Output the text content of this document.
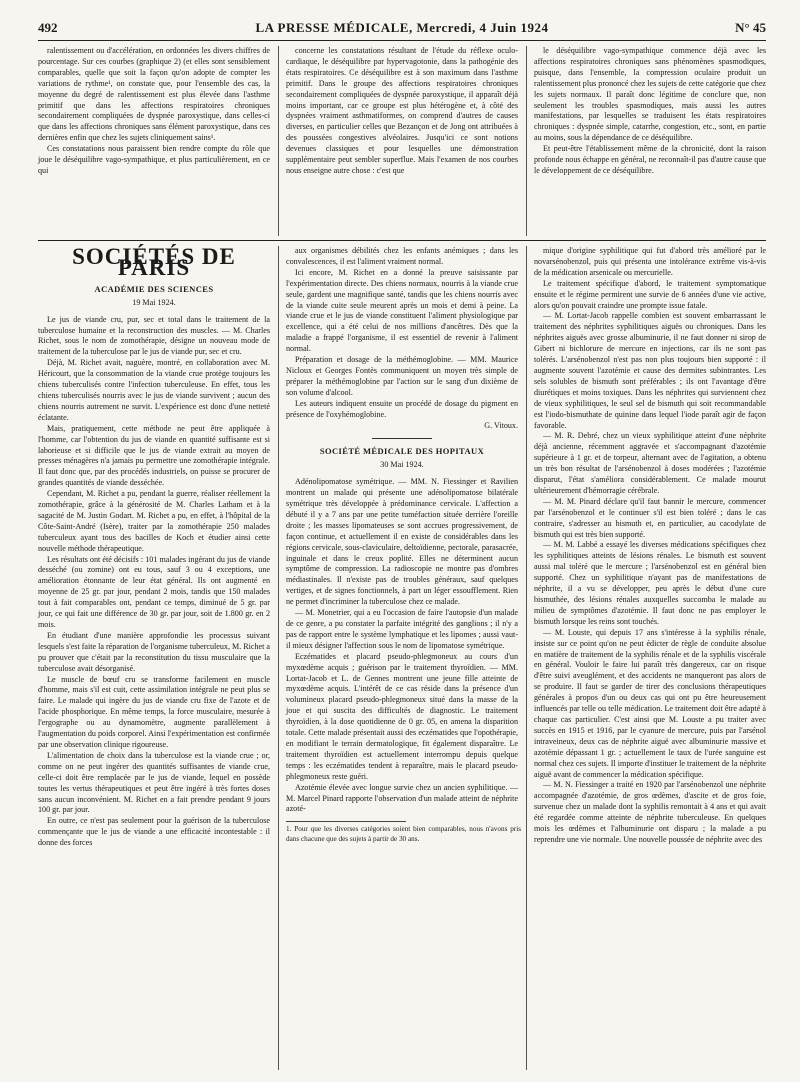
492	LA PRESSE MÉDICALE, Mercredi, 4 Juin 1924	N° 45

ralentissement ou d'accélération, en ordonnées les divers chiffres de pourcentage. Sur ces courbes (graphique 2) (et elles sont sensiblement comparables, quelle que soit la façon qu'on adopte de compter les variations de rythme¹, on constate que, pour l'ensemble des cas, la moyenne du degré de ralentissement est plus élevée dans l'asthme primitif que dans les affections respiratoires chroniques secondairement compliquées de dyspnée paroxystique, dans celles-ci que dans les affections chroniques sans élément paroxystique, dans ces dernières enfin que chez les sujets cliniquement sains¹.

Ces constatations nous paraissent bien rendre compte du rôle que joue le déséquilibre vago-sympathique, et plus particulièrement, en ce qui

concerne les constatations résultant de l'étude du réflexe oculo-cardiaque, le déséquilibre par hypervagotonie, dans la pathogénie des états respiratoires. Ce déséquilibre est à son maximum dans l'asthme primitif. Dans le groupe des affections respiratoires chroniques secondairement compliquées de dyspnée paroxystique, il apparaît déjà moins important, car ce groupe est plus hétérogène et, à côté des dyspnées vraiment asthmatiformes, on comprend d'autres de causes diverses, en particulier celles que Bezançon et de Jong ont attribuées à des poussées congestives alvéolaires. Jusqu'ici ce sont notions devenues classiques et pour lesquelles une démonstration supplémentaire peut sembler superflue. Mais l'examen de nos courbes nous enseigne autre chose : c'est que

le déséquilibre vago-sympathique commence déjà avec les affections respiratoires chroniques sans phénomènes spasmodiques, puisque, dans l'ensemble, la compression oculaire produit un ralentissement plus prononcé chez les sujets de cette catégorie que chez les sujets normaux. Il paraît donc légitime de conclure que, non seulement les troubles spasmodiques, mais aussi les autres manifestations, par lesquelles se traduisent les états respiratoires chroniques : dyspnée simple, catarrhe, congestion, etc., sont, en partie au moins, sous la dépendance de ce déséquilibre.

Et peut-être l'établissement même de la chronicité, dont la raison profonde nous échappe en général, ne reconnaît-il pas d'autre cause que le développement de ce déséquilibre.

SOCIÉTÉS DE PARIS
ACADÉMIE DES SCIENCES
19 Mai 1924.

Le jus de viande cru, pur, sec et total dans le traitement de la tuberculose humaine et la reconstruction des muscles. — M. Charles Richet, sous le nom de zomothérapie, désigne un nouveau mode de traitement de la tuberculose par le jus de viande pur, sec et cru.

Déjà, M. Richet avait, naguère, montré, en collaboration avec M. Héricourt, que la consommation de la viande crue protège toujours les chiens tuberculisés contre l'infection tuberculeuse. En effet, tous les chiens tuberculisés nourris avec le jus de viande survivent ; aucun des chiens nourris autrement ne survit. L'expérience est donc d'une netteté éclatante.

Mais, pratiquement, cette méthode ne peut être appliquée à l'homme, car l'obtention du jus de viande en quantité suffisante est si laborieuse et si difficile que le jus de viande extrait au moyen de presses ménagères n'a jamais pu permettre une zomothérapie intégrale. Il faut donc que, par des procédés industriels, on puisse se procurer de grandes quantités de viande desséchée.

Cependant, M. Richet a pu, pendant la guerre, réaliser réellement la zomothérapie, grâce à la générosité de M. Charles Latham et à la sagacité de M. Justin Godart. M. Richet a pu, en effet, à l'hôpital de la Côte-Saint-André (Isère), traiter par la zomothérapie 250 malades tuberculeux ayant tous des bacilles de Koch et étudier ainsi cette nouvelle méthode thérapeutique.

Les résultats ont été décisifs : 101 malades ingérant du jus de viande desséché (ou zomine) ont eu tous, sauf 3 ou 4 exceptions, une amélioration étonnante de leur état général. Ils ont augmenté en moyenne de 25 gr. par jour, pendant 2 mois, tandis que 150 malades tout à fait comparables ont, pendant ce temps, diminué de 5 gr. par jour, ce qui fait une différence de 30 gr. par jour, soit de 1.800 gr. en 2 mois.

En étudiant d'une manière approfondie les processus suivant lesquels s'est faite la réparation de l'organisme tuberculeux, M. Richet a pu prouver que c'était par la reconstitution du tissu musculaire que la tuberculose avait désorganisé.

Le muscle de bœuf cru se transforme facilement en muscle d'homme, mais s'il est cuit, cette assimilation intégrale ne peut plus se faire. Le malade qui ingère du jus de viande cru fixe de l'azote et de l'acide phosphorique. En même temps, la force musculaire, mesurée à l'ergographe ou au dynamomètre, augmente parallèlement à l'augmentation du poids corporel. Ainsi l'expérimentation est confirmée par une observation clinique rigoureuse.

L'alimentation de choix dans la tuberculose est la viande crue ; or, comme on ne peut ingérer des quantités suffisantes de viande crue, celle-ci doit être remplacée par le jus de viande, lequel en possède toutes les vertus thérapeutiques et peut être ingéré à très fortes doses sans aucun inconvénient. M. Richet en a fait prendre pendant 9 jours 100 gr. par jour.

En outre, ce n'est pas seulement pour la guérison de la tuberculose commençante que le jus de viande a une efficacité incontestable : il donne des forces

aux organismes débilités chez les enfants anémiques ; dans les convalescences, il est l'aliment vraiment normal.

Ici encore, M. Richet en a donné la preuve saisissante par l'expérimentation directe. Des chiens normaux, nourris à la viande crue seule, gardent une magnifique santé, tandis que les chiens nourris avec de la viande cuite seule meurent après un mois et demi à peine. La viande crue et le jus de viande constituent l'aliment physiologique par excellence, qui a été celui de nos millions d'ancêtres. Dès que la maladie a frappé l'organisme, il est essentiel de revenir à l'aliment normal.

Préparation et dosage de la méthémoglobine. — MM. Maurice Nicloux et Georges Fontès communiquent un moyen très simple de préparer la méthémoglobine par l'action sur le sang d'un dixième de son volume d'alcool.

Les auteurs indiquent ensuite un procédé de dosage du pigment en présence de l'oxyhémoglobine.

G. Vitoux.

SOCIÉTÉ MÉDICALE DES HOPITAUX
30 Mai 1924.

Adénolipomatose symétrique. — MM. N. Fiessinger et Ravilien montrent un malade qui présente une adénolipomatose bilatérale symétrique très développée à prédominance cervicale. L'affection a débuté il y a 7 ans par une petite tuméfaction située derrière l'oreille droite ; les masses lipomateuses se sont accrues progressivement, de façon continue, et actuellement il en existe de considérables dans les régions cervicale, sous-claviculaire, deltoïdienne, pectorale, parasacrée, inguinale et dans le creux poplité. Elles ne déterminent aucun symptôme de compression. La radioscopie ne montre pas d'ombres médiastinales. Il n'existe pas de troubles généraux, sauf quelques vertiges, et de signes fonctionnels, à part un léger essoufflement. Rien ne permet d'incriminer la tuberculose chez ce malade.

— M. Monetrier, qui a eu l'occasion de faire l'autopsie d'un malade de ce genre, a pu constater la parfaite intégrité des ganglions ; il n'y a pas de rapport entre le système lymphatique et les lipomes ; aussi vaut-il mieux désigner l'affection sous le nom de lipomatose symétrique.

Eczématides et placard pseudo-phlegmoneux au cours d'un myxœdème acquis ; guérison par le traitement thyroïdien. — MM. Lortat-Jacob et L. de Gennes montrent une jeune fille atteinte de myxœdème acquis. L'intérêt de ce cas réside dans la présence d'un volumineux placard pseudo-phlegmoneux situé dans la masse de la joue et qui suscita des difficultés de diagnostic. Le traitement thyroïdien, à la dose quotidienne de 0 gr. 05, en amena la disparition totale. Cette malade présentait aussi des eczématides que l'opothérapie, en modifiant le terrain dermatologique, fit également disparaître. Le traitement thyroïdien est actuellement interrompu depuis quelque temps : les eczématides tendent à reparaître, mais le placard pseudo-phlegmoneux reste guéri.

Azotémie élevée avec longue survie chez un ancien syphilitique. — M. Marcel Pinard rapporte l'observation d'un malade atteint de néphrite azoté-

1. Pour que les diverses catégories soient bien comparables, nous n'avons pris dans chacune que des sujets à partir de 30 ans.

mique d'origine syphilitique qui fut d'abord très amélioré par le novarsénobenzol, puis qui présenta une intolérance extrême vis-à-vis de la médication arsenicale ou mercurielle.

Le traitement spécifique d'abord, le traitement symptomatique ensuite et le régime permirent une survie de 6 années d'une vie active, alors qu'on pouvait craindre une prompte issue fatale.

— M. Lortat-Jacob rappelle combien est souvent embarrassant le traitement des néphrites syphilitiques aiguës ou chroniques. Dans les néphrites aiguës avec grosse albuminurie, il ne faut donner ni sirop de Gibert ni bichlorure de mercure en injections, car ils ne sont pas tolérés. L'arsénobenzol n'est pas non plus toujours bien supporté : il augmente souvent l'azotémie et cause des dermites subintrantes. Les sels solubles de bismuth sont préférables ; ils ont l'avantage d'être diurétiques et moins toxiques. Dans les néphrites qui surviennent chez de vieux syphilitiques, le seul sel de bismuth qui soit recommandable est l'iodo-bismuthate de quinine dans lequel l'iode paraît agir de façon favorable.

— M. R. Debré, chez un vieux syphilitique atteint d'une néphrite déjà ancienne, récemment aggravée et s'accompagnant d'azotémie supérieure à 1 gr. et de torpeur, alternant avec de l'agitation, a obtenu un très bon résultat de l'arsénobenzol à doses modérées ; l'azotémie disparut, l'état s'améliora considérablement. Ce malade mourut ultérieurement d'hémorragie cérébrale.

— M. M. Pinard déclare qu'il faut bannir le mercure, commencer par l'arsénobenzol et le continuer s'il est bien toléré ; dans le cas contraire, s'adresser au bismuth et, en particulier, au cacodylate de bismuth qui est très bien supporté.

— M. M. Labbé a essayé les diverses médications spécifiques chez les syphilitiques atteints de lésions rénales. Le bismuth est souvent aussi mal toléré que le mercure ; l'arsénobenzol est en général bien supporté. Chez un syphilitique n'ayant pas de manifestations de néphrite, il a vu se développer, peu après le début d'une cure bismuthée, des lésions rénales auxquelles succomba le malade au milieu de symptômes d'azotémie. Il faut donc ne pas employer le bismuth lorsque les reins sont touchés.

— M. Louste, qui depuis 17 ans s'intéresse à la syphilis rénale, insiste sur ce point qu'on ne peut édicter de règle de conduite absolue en matière de traitement de la syphilis rénale et de la syphilis viscérale en général. Vouloir le faire lui paraît très dangereux, car on risque d'être suivi aveuglément, et des accidents ne manqueront pas alors de se produire. Il faut se garder de tirer des conclusions thérapeutiques générales à propos d'un ou deux cas qui ont pu être heureusement influencés par telle ou telle médication. Le traitement doit être adapté à chaque cas particulier. C'est ainsi que M. Louste a pu traiter avec succès en 1915 et 1916, par le cyanure de mercure, puis par l'arsénol intraveineux, deux cas de néphrite aiguë avec albuminurie massive et azotémie dépassant 1 gr. ; actuellement le taux de l'urée sanguine est normal chez ces sujets. Il importe d'instituer le traitement de la néphrite aiguë avant de commencer la médication spécifique.

— M. N. Fiessinger a traité en 1920 par l'arsénobenzol une néphrite accompagnée d'azotémie, de gros œdèmes, d'ascite et de gros foie, survenue chez un malade dont la syphilis remontait à 4 ans et qui avait été regardée comme atteinte de néphrite tuberculeuse. En quelques mois les œdèmes et l'albuminurie ont disparu ; la malade a pu reprendre une vie normale. Une nouvelle poussée de néphrite avec des
